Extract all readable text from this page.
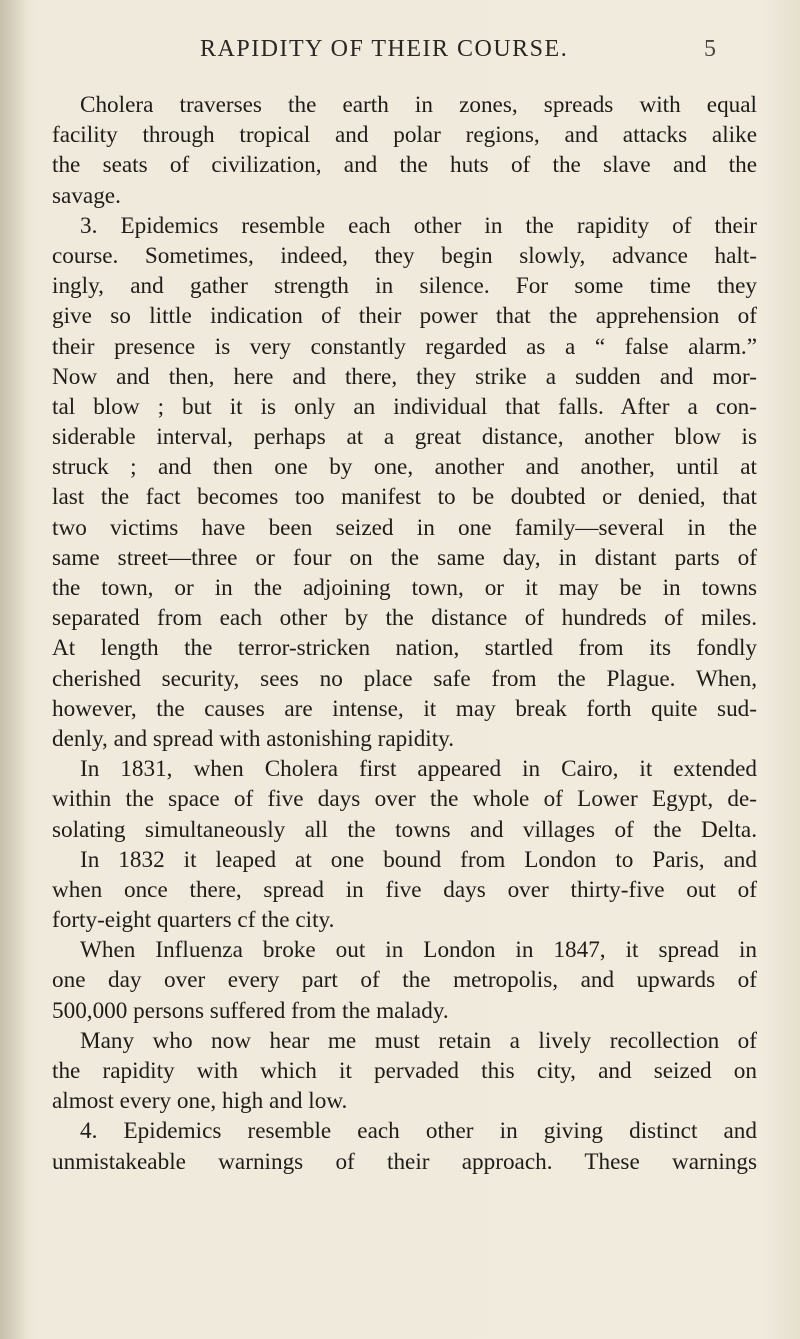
RAPIDITY OF THEIR COURSE.	5
Cholera traverses the earth in zones, spreads with equal
facility through tropical and polar regions, and attacks alike
the seats of civilization, and the huts of the slave and the
savage.
3. Epidemics resemble each other in the rapidity of their
course. Sometimes, indeed, they begin slowly, advance halt-
ingly, and gather strength in silence. For some time they
give so little indication of their power that the apprehension of
their presence is very constantly regarded as a “ false alarm.”
Now and then, here and there, they strike a sudden and mor-
tal blow ; but it is only an individual that falls. After a con-
siderable interval, perhaps at a great distance, another blow is
struck ; and then one by one, another and another, until at
last the fact becomes too manifest to be doubted or denied, that
two victims have been seized in one family—several in the
same street—three or four on the same day, in distant parts of
the town, or in the adjoining town, or it may be in towns
separated from each other by the distance of hundreds of miles.
At length the terror-stricken nation, startled from its fondly
cherished security, sees no place safe from the Plague. When,
however, the causes are intense, it may break forth quite sud-
denly, and spread with astonishing rapidity.
In 1831, when Cholera first appeared in Cairo, it extended
within the space of five days over the whole of Lower Egypt, de-
solating simultaneously all the towns and villages of the Delta.
In 1832 it leaped at one bound from London to Paris, and
when once there, spread in five days over thirty-five out of
forty-eight quarters cf the city.
When Influenza broke out in London in 1847, it spread in
one day over every part of the metropolis, and upwards of
500,000 persons suffered from the malady.
Many who now hear me must retain a lively recollection of
the rapidity with which it pervaded this city, and seized on
almost every one, high and low.
4. Epidemics resemble each other in giving distinct and
unmistakeable warnings of their approach. These warnings
